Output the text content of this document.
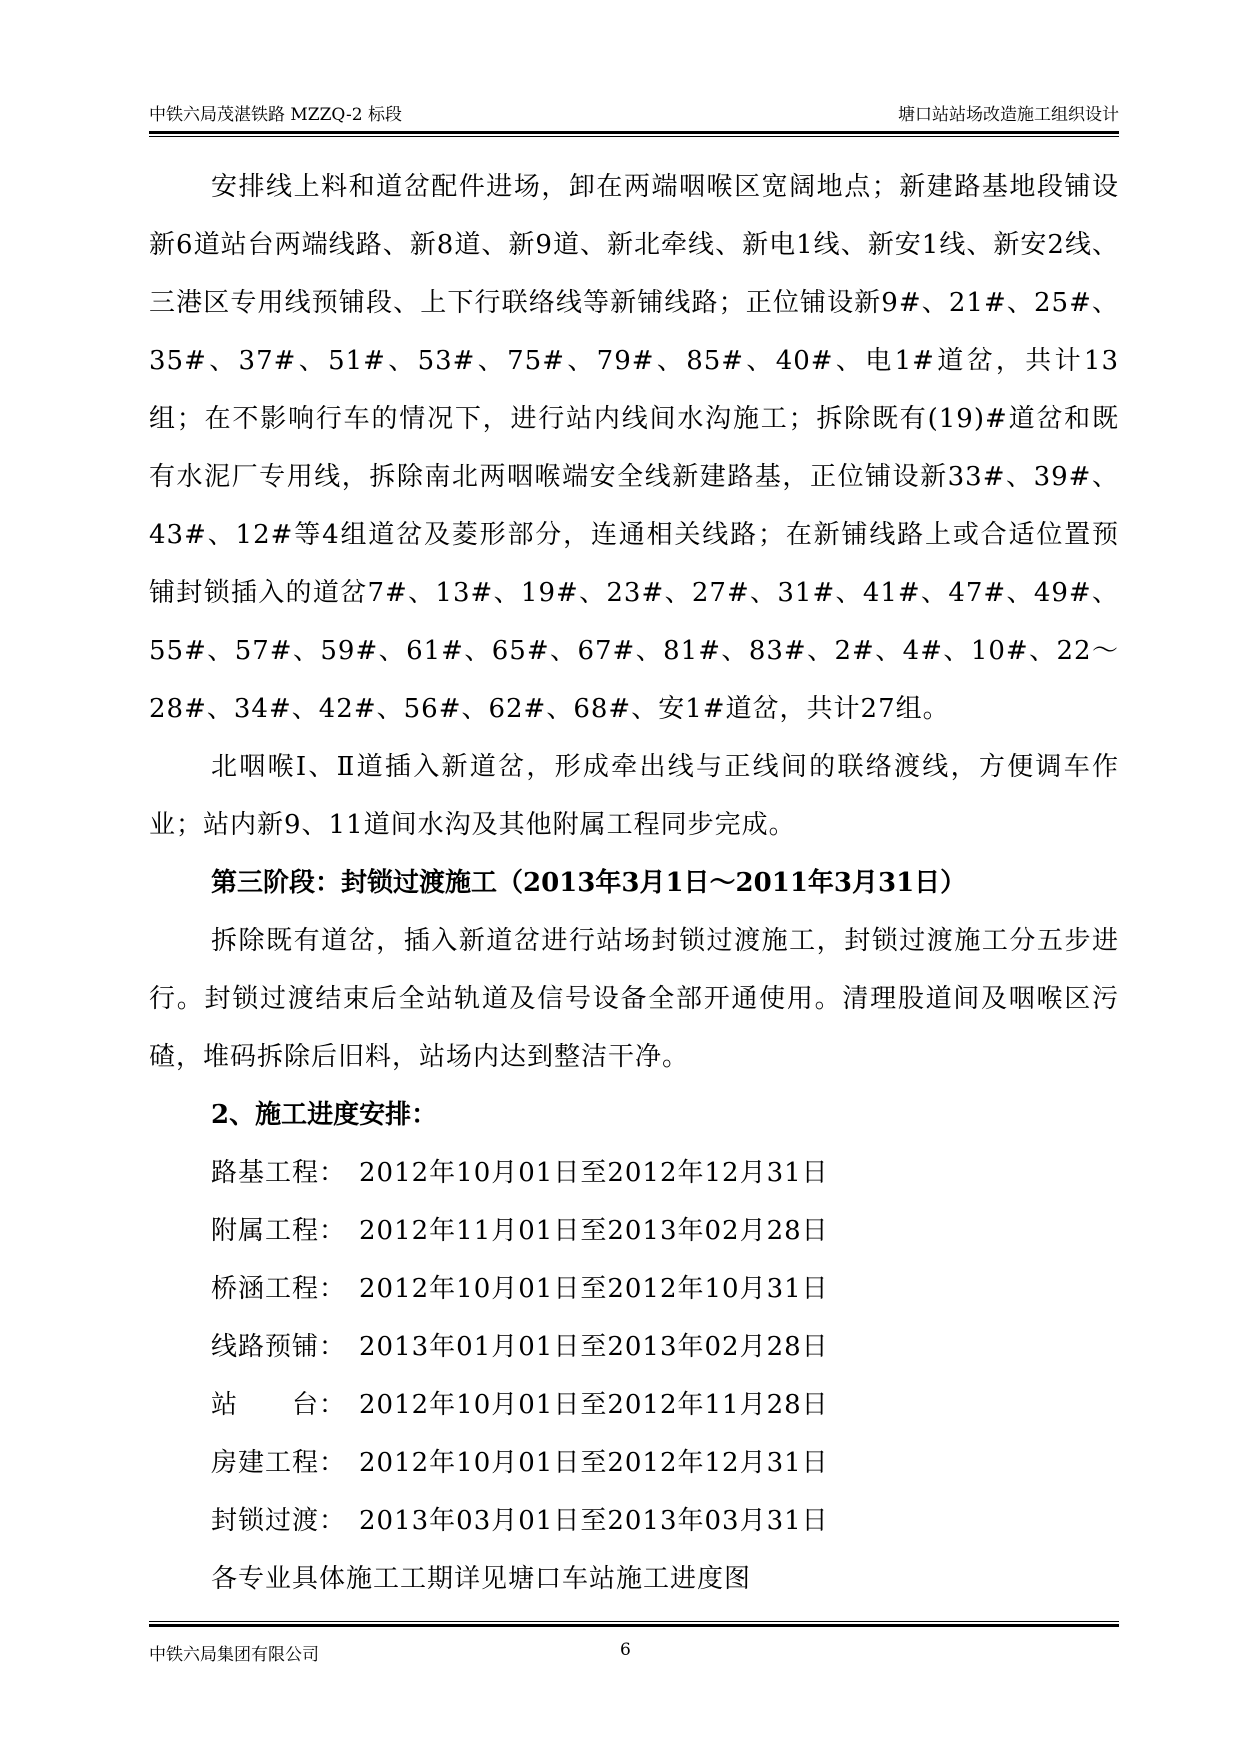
中铁六局茂湛铁路 MZZQ-2 标段	塘口站站场改造施工组织设计

安排线上料和道岔配件进场，卸在两端咽喉区宽阔地点；新建路基地段铺设新6道站台两端线路、新8道、新9道、新北牵线、新电1线、新安1线、新安2线、三港区专用线预铺段、上下行联络线等新铺线路；正位铺设新9#、21#、25#、35#、37#、51#、53#、75#、79#、85#、40#、电1#道岔，共计13组；在不影响行车的情况下，进行站内线间水沟施工；拆除既有(19)#道岔和既有水泥厂专用线，拆除南北两咽喉端安全线新建路基，正位铺设新33#、39#、43#、12#等4组道岔及菱形部分，连通相关线路；在新铺线路上或合适位置预铺封锁插入的道岔7#、13#、19#、23#、27#、31#、41#、47#、49#、55#、57#、59#、61#、65#、67#、81#、83#、2#、4#、10#、22～28#、34#、42#、56#、62#、68#、安1#道岔，共计27组。

北咽喉Ⅰ、Ⅱ道插入新道岔，形成牵出线与正线间的联络渡线，方便调车作业；站内新9、11道间水沟及其他附属工程同步完成。

第三阶段：封锁过渡施工（2013年3月1日～2011年3月31日）

拆除既有道岔，插入新道岔进行站场封锁过渡施工，封锁过渡施工分五步进行。封锁过渡结束后全站轨道及信号设备全部开通使用。清理股道间及咽喉区污碴，堆码拆除后旧料，站场内达到整洁干净。

2、施工进度安排：

路基工程： 2012年10月01日至2012年12月31日

附属工程： 2012年11月01日至2013年02月28日

桥涵工程： 2012年10月01日至2012年10月31日

线路预铺： 2013年01月01日至2013年02月28日

站　　台： 2012年10月01日至2012年11月28日

房建工程： 2012年10月01日至2012年12月31日

封锁过渡： 2013年03月01日至2013年03月31日

各专业具体施工工期详见塘口车站施工进度图

中铁六局集团有限公司	6
